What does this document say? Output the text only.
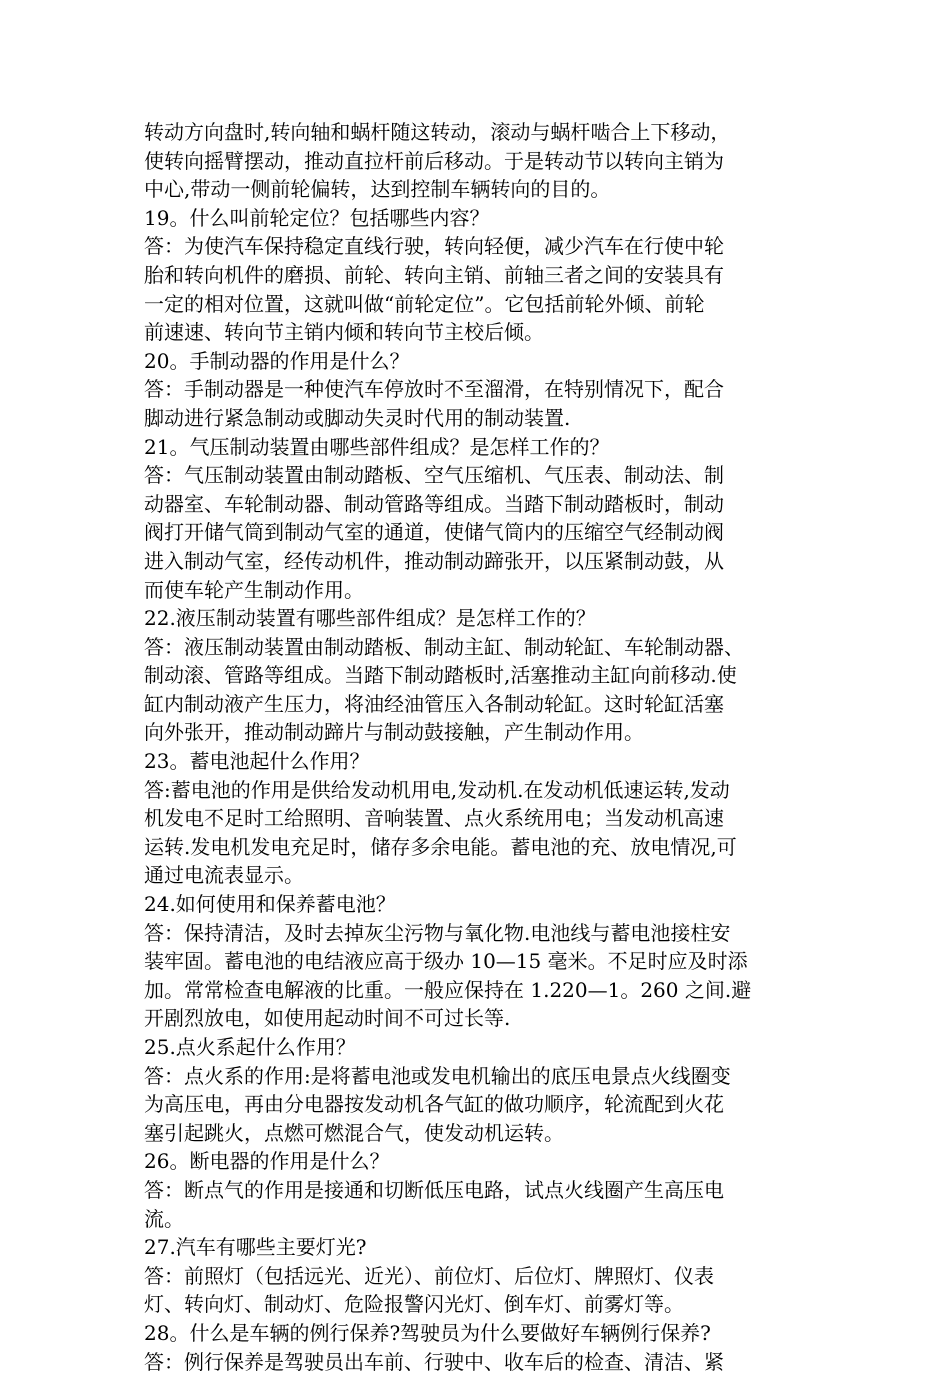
转动方向盘时,转向轴和蜗杆随这转动，滚动与蜗杆啮合上下移动，
使转向摇臂摆动，推动直拉杆前后移动。于是转动节以转向主销为
中心,带动一侧前轮偏转，达到控制车辆转向的目的。
19。什么叫前轮定位？包括哪些内容？
答：为使汽车保持稳定直线行驶，转向轻便，减少汽车在行使中轮
胎和转向机件的磨损、前轮、转向主销、前轴三者之间的安装具有
一定的相对位置，这就叫做“前轮定位”。它包括前轮外倾、前轮
前速速、转向节主销内倾和转向节主校后倾。
20。手制动器的作用是什么？
答：手制动器是一种使汽车停放时不至溜滑，在特别情况下，配合
脚动进行紧急制动或脚动失灵时代用的制动装置.
21。气压制动装置由哪些部件组成？是怎样工作的？
答：气压制动装置由制动踏板、空气压缩机、气压表、制动法、制
动器室、车轮制动器、制动管路等组成。当踏下制动踏板时，制动
阀打开储气筒到制动气室的通道，使储气筒内的压缩空气经制动阀
进入制动气室，经传动机件，推动制动蹄张开，以压紧制动鼓，从
而使车轮产生制动作用。
22.液压制动装置有哪些部件组成？是怎样工作的？
答：液压制动装置由制动踏板、制动主缸、制动轮缸、车轮制动器、
制动滚、管路等组成。当踏下制动踏板时,活塞推动主缸向前移动.使
缸内制动液产生压力，将油经油管压入各制动轮缸。这时轮缸活塞
向外张开，推动制动蹄片与制动鼓接触，产生制动作用。
23。蓄电池起什么作用？
答:蓄电池的作用是供给发动机用电,发动机.在发动机低速运转,发动
机发电不足时工给照明、音响装置、点火系统用电；当发动机高速
运转.发电机发电充足时，储存多余电能。蓄电池的充、放电情况,可
通过电流表显示。
24.如何使用和保养蓄电池？
答：保持清洁，及时去掉灰尘污物与氧化物.电池线与蓄电池接柱安
装牢固。蓄电池的电结液应高于级办 10—15 毫米。不足时应及时添
加。常常检查电解液的比重。一般应保持在 1.220—1。260 之间.避
开剧烈放电，如使用起动时间不可过长等.
25.点火系起什么作用？
答：点火系的作用:是将蓄电池或发电机输出的底压电景点火线圈变
为高压电，再由分电器按发动机各气缸的做功顺序，轮流配到火花
塞引起跳火，点燃可燃混合气，使发动机运转。
26。断电器的作用是什么？
答：断点气的作用是接通和切断低压电路，试点火线圈产生高压电
流。
27.汽车有哪些主要灯光?
答：前照灯（包括远光、近光）、前位灯、后位灯、牌照灯、仪表
灯、转向灯、制动灯、危险报警闪光灯、倒车灯、前雾灯等。
28。什么是车辆的例行保养?驾驶员为什么要做好车辆例行保养?
答：例行保养是驾驶员出车前、行驶中、收车后的检查、清洁、紧
